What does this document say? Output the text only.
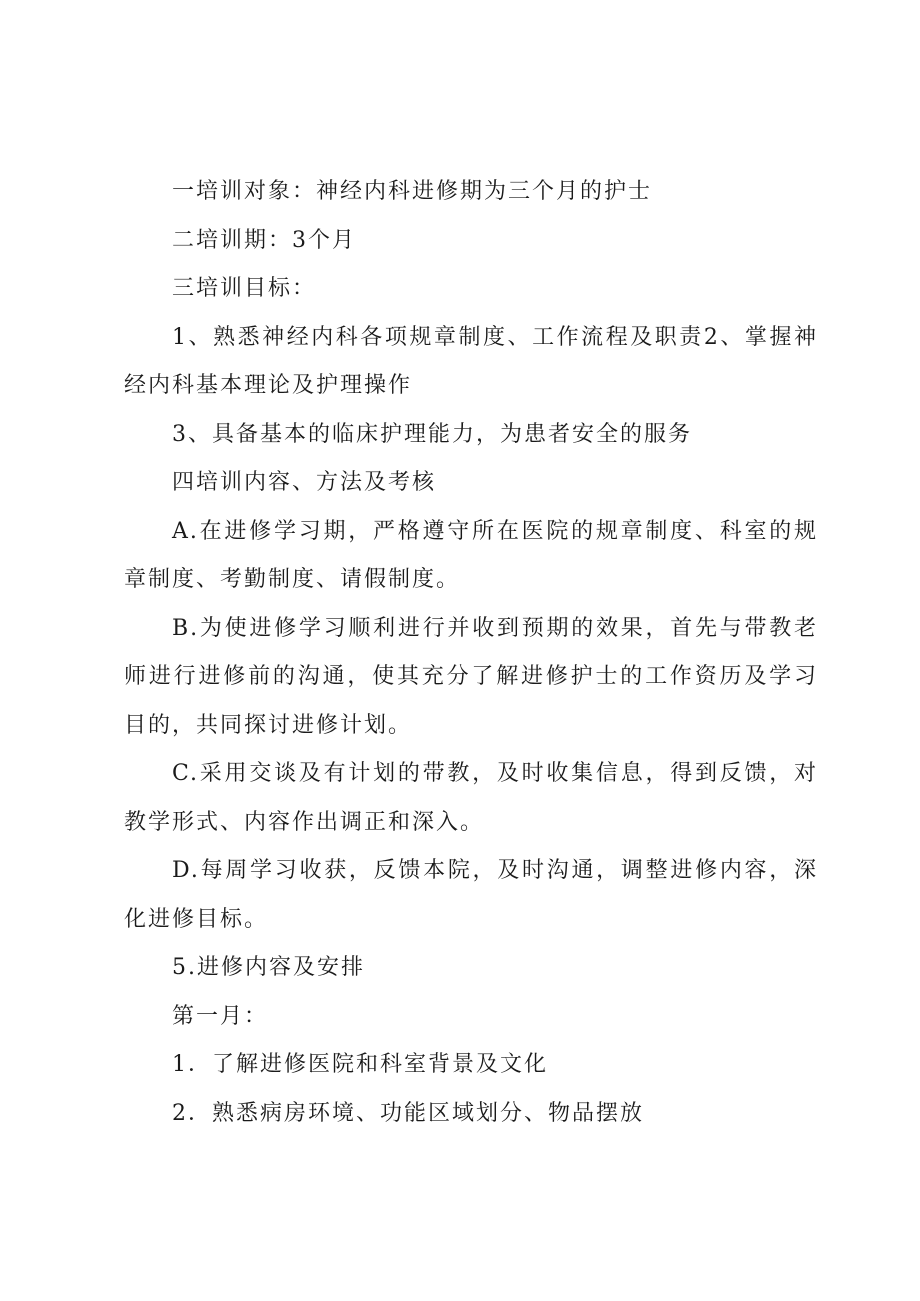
一培训对象：神经内科进修期为三个月的护士

二培训期：3个月

三培训目标：

1、熟悉神经内科各项规章制度、工作流程及职责2、掌握神经内科基本理论及护理操作

3、具备基本的临床护理能力，为患者安全的服务

四培训内容、方法及考核

A.在进修学习期，严格遵守所在医院的规章制度、科室的规章制度、考勤制度、请假制度。

B.为使进修学习顺利进行并收到预期的效果，首先与带教老师进行进修前的沟通，使其充分了解进修护士的工作资历及学习目的，共同探讨进修计划。

C.采用交谈及有计划的带教，及时收集信息，得到反馈，对教学形式、内容作出调正和深入。

D.每周学习收获，反馈本院，及时沟通，调整进修内容，深化进修目标。

5.进修内容及安排

第一月：

1．了解进修医院和科室背景及文化

2．熟悉病房环境、功能区域划分、物品摆放
